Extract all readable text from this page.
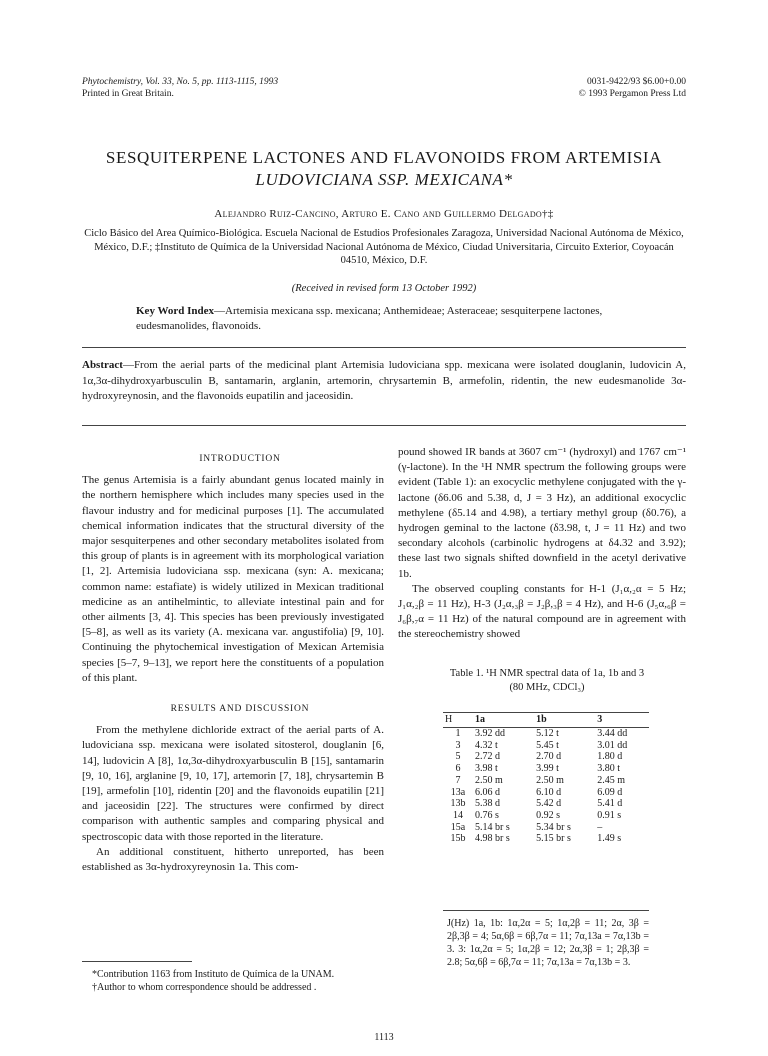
Phytochemistry, Vol. 33, No. 5, pp. 1113-1115, 1993
Printed in Great Britain.
0031-9422/93 $6.00+0.00
© 1993 Pergamon Press Ltd
SESQUITERPENE LACTONES AND FLAVONOIDS FROM ARTEMISIA
LUDOVICIANA SSP. MEXICANA*
Alejandro Ruiz-Cancino, Arturo E. Cano and Guillermo Delgado†‡
Ciclo Básico del Area Químico-Biológica. Escuela Nacional de Estudios Profesionales Zaragoza, Universidad Nacional Autónoma de México, México, D.F.; ‡Instituto de Química de la Universidad Nacional Autónoma de México, Ciudad Universitaria, Circuito Exterior, Coyoacán 04510, México, D.F.
(Received in revised form 13 October 1992)
Key Word Index—Artemisia mexicana ssp. mexicana; Anthemideae; Asteraceae; sesquiterpene lactones, eudesmanolides, flavonoids.
Abstract—From the aerial parts of the medicinal plant Artemisia ludoviciana spp. mexicana were isolated douglanin, ludovicin A, 1α,3α-dihydroxyarbusculin B, santamarin, arglanin, artemorin, chrysartemin B, armefolin, ridentin, the new eudesmanolide 3α-hydroxyreynosin, and the flavonoids eupatilin and jaceosidin.

INTRODUCTION

The genus Artemisia is a fairly abundant genus located mainly in the northern hemisphere which includes many species used in the flavour industry and for medicinal purposes [1]. The accumulated chemical information indicates that the structural diversity of the major sesquiterpenes and other secondary metabolites isolated from this group of plants is in agreement with its morphological variation [1, 2]. Artemisia ludoviciana ssp. mexicana (syn: A. mexicana; common name: estafiate) is widely utilized in Mexican traditional medicine as an antihelmintic, to alleviate intestinal pain and for other ailments [3, 4]. This species has been previously investigated [5–8], as well as its variety (A. mexicana var. angustifolia) [9, 10]. Continuing the phytochemical investigation of Mexican Artemisia species [5–7, 9–13], we report here the constituents of a population of this plant.

RESULTS AND DISCUSSION

From the methylene dichloride extract of the aerial parts of A. ludoviciana ssp. mexicana were isolated sitosterol, douglanin [6, 14], ludovicin A [8], 1α,3α-dihydroxyarbusculin B [15], santamarin [9, 10, 16], arglanine [9, 10, 17], artemorin [7, 18], chrysartemin B [19], armefolin [10], ridentin [20] and the flavonoids eupatilin [21] and jaceosidin [22]. The structures were confirmed by direct comparison with authentic samples and comparing physical and spectroscopic data with those reported in the literature.

An additional constituent, hitherto unreported, has been established as 3α-hydroxyreynosin 1a. This com-

pound showed IR bands at 3607 cm⁻¹ (hydroxyl) and 1767 cm⁻¹ (γ-lactone). In the ¹H NMR spectrum the following groups were evident (Table 1): an exocyclic methylene conjugated with the γ-lactone (δ6.06 and 5.38, d, J = 3 Hz), an additional exocyclic methylene (δ5.14 and 4.98), a tertiary methyl group (δ0.76), a hydrogen geminal to the lactone (δ3.98, t, J = 11 Hz) and two secondary alcohols (carbinolic hydrogens at δ4.32 and 3.92); these last two signals shifted downfield in the acetyl derivative 1b.

The observed coupling constants for H-1 (J₁α,₂α = 5 Hz; J₁α,₂β = 11 Hz), H-3 (J₂α,₃β = J₂β,₃β = 4 Hz), and H-6 (J₅α,₆β = J₆β,₇α = 11 Hz) of the natural compound are in agreement with the stereochemistry showed

Table 1. ¹H NMR spectral data of 1a, 1b and 3 (80 MHz, CDCl₃)
H	1a	1b	3
1	3.92 dd	5.12 t	3.44 dd
3	4.32 t	5.45 t	3.01 dd
5	2.72 d	2.70 d	1.80 d
6	3.98 t	3.99 t	3.80 t
7	2.50 m	2.50 m	2.45 m
13a	6.06 d	6.10 d	6.09 d
13b	5.38 d	5.42 d	5.41 d
14	0.76 s	0.92 s	0.91 s
15a	5.14 br s	5.34 br s	–
15b	4.98 br s	5.15 br s	1.49 s
J(Hz) 1a, 1b: 1α,2α = 5; 1α,2β = 11; 2α, 3β = 2β,3β = 4; 5α,6β = 6β,7α = 11; 7α,13a = 7α,13b = 3. 3: 1α,2α = 5; 1α,2β = 12; 2α,3β = 1; 2β,3β = 2.8; 5α,6β = 6β,7α = 11; 7α,13a = 7α,13b = 3.
*Contribution 1163 from Instituto de Química de la UNAM.
†Author to whom correspondence should be addressed .
1113
